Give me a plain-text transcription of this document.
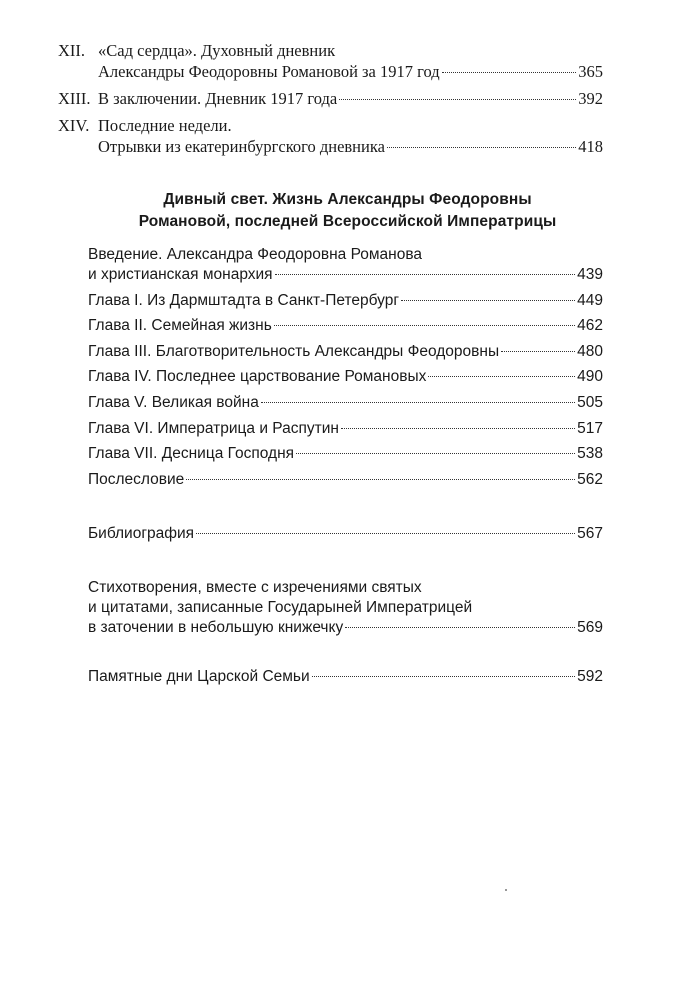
XII. «Сад сердца». Духовный дневник
Александры Феодоровны Романовой за 1917 год	365
XIII. В заключении. Дневник 1917 года	392
XIV. Последние недели.
Отрывки из екатеринбургского дневника	418
Дивный свет. Жизнь Александры Феодоровны
Романовой, последней Всероссийской Императрицы
Введение. Александра Феодоровна Романова
и христианская монархия	439
Глава I. Из Дармштадта в Санкт-Петербург	449
Глава II. Семейная жизнь	462
Глава III. Благотворительность Александры Феодоровны	480
Глава IV. Последнее царствование Романовых	490
Глава V. Великая война	505
Глава VI. Императрица и Распутин	517
Глава VII. Десница Господня	538
Послесловие	562
Библиография	567
Стихотворения, вместе с изречениями святых
и цитатами, записанные Государыней Императрицей
в заточении в небольшую книжечку	569
Памятные дни Царской Семьи	592
